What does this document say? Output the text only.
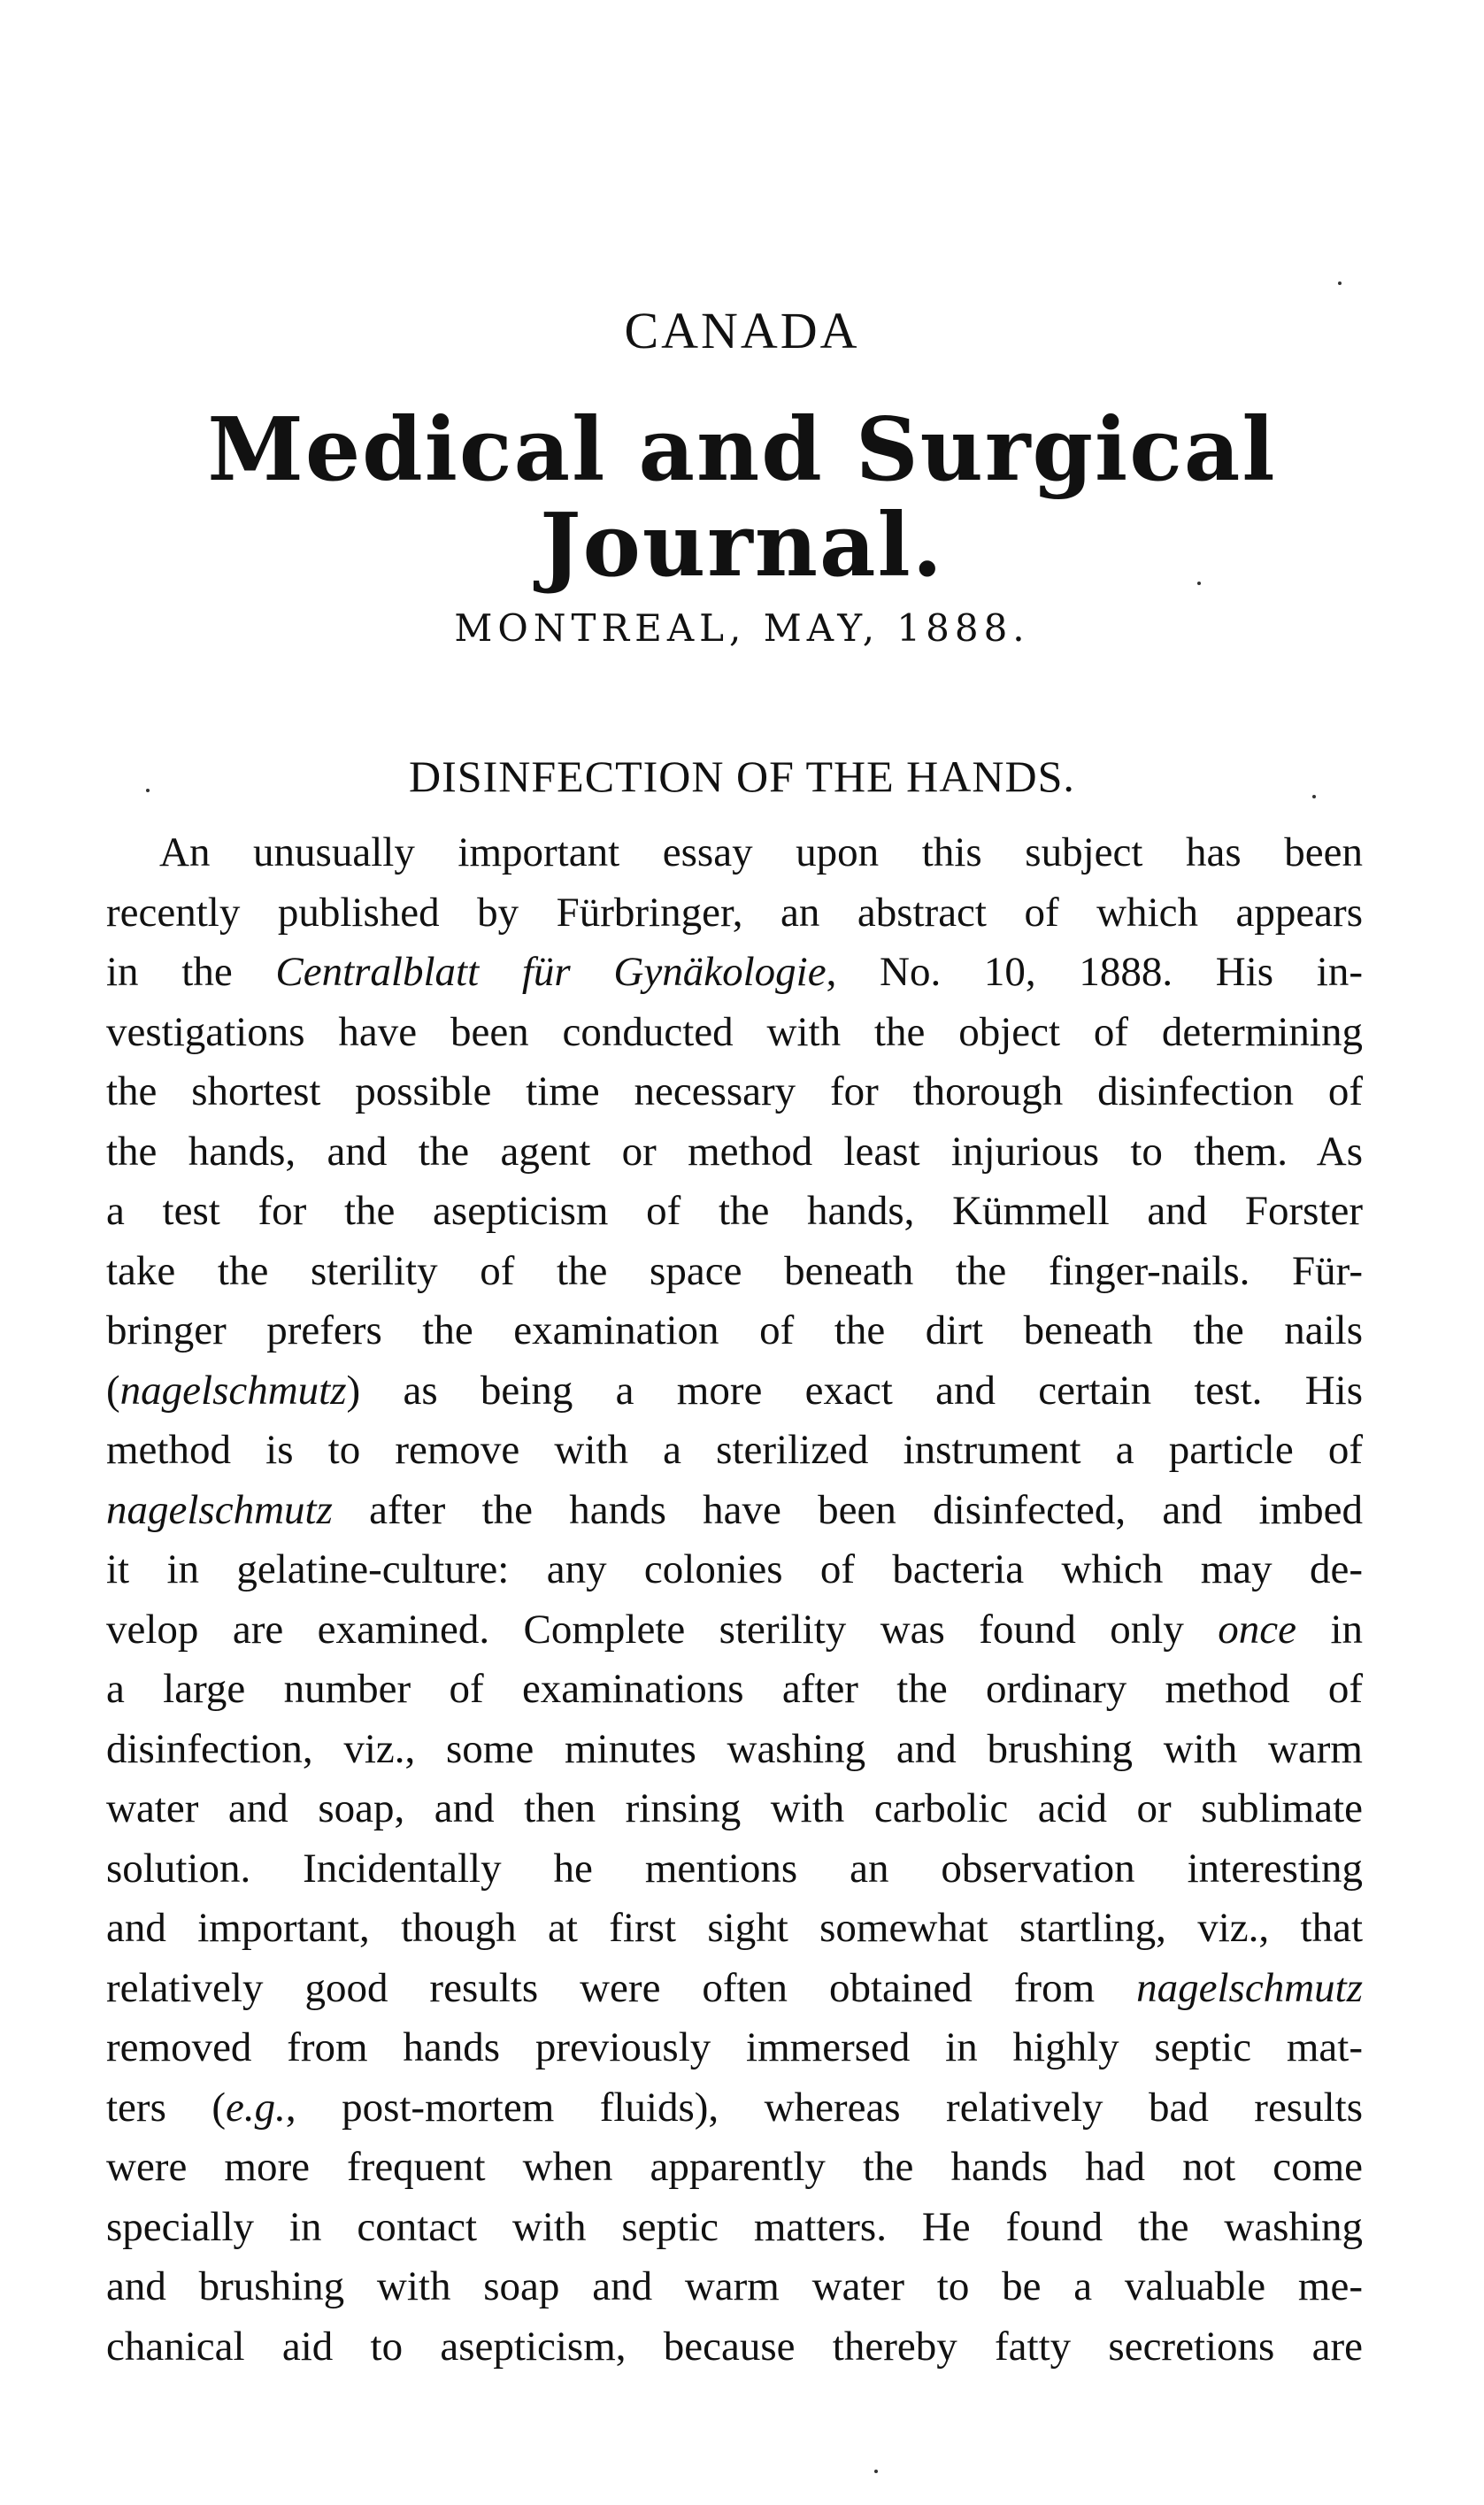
CANADA
Medical and Surgical Journal.
MONTREAL, MAY, 1888.
DISINFECTION OF THE HANDS.
An unusually important essay upon this subject has been
recently published by Fürbringer, an abstract of which appears
in the Centralblatt für Gynäkologie, No. 10, 1888. His in-
vestigations have been conducted with the object of determining
the shortest possible time necessary for thorough disinfection of
the hands, and the agent or method least injurious to them. As
a test for the asepticism of the hands, Kümmell and Forster
take the sterility of the space beneath the finger-nails. Für-
bringer prefers the examination of the dirt beneath the nails
(nagelschmutz) as being a more exact and certain test. His
method is to remove with a sterilized instrument a particle of
nagelschmutz after the hands have been disinfected, and imbed
it in gelatine-culture: any colonies of bacteria which may de-
velop are examined. Complete sterility was found only once in
a large number of examinations after the ordinary method of
disinfection, viz., some minutes washing and brushing with warm
water and soap, and then rinsing with carbolic acid or sublimate
solution. Incidentally he mentions an observation interesting
and important, though at first sight somewhat startling, viz., that
relatively good results were often obtained from nagelschmutz
removed from hands previously immersed in highly septic mat-
ters (e.g., post-mortem fluids), whereas relatively bad results
were more frequent when apparently the hands had not come
specially in contact with septic matters. He found the washing
and brushing with soap and warm water to be a valuable me-
chanical aid to asepticism, because thereby fatty secretions are
